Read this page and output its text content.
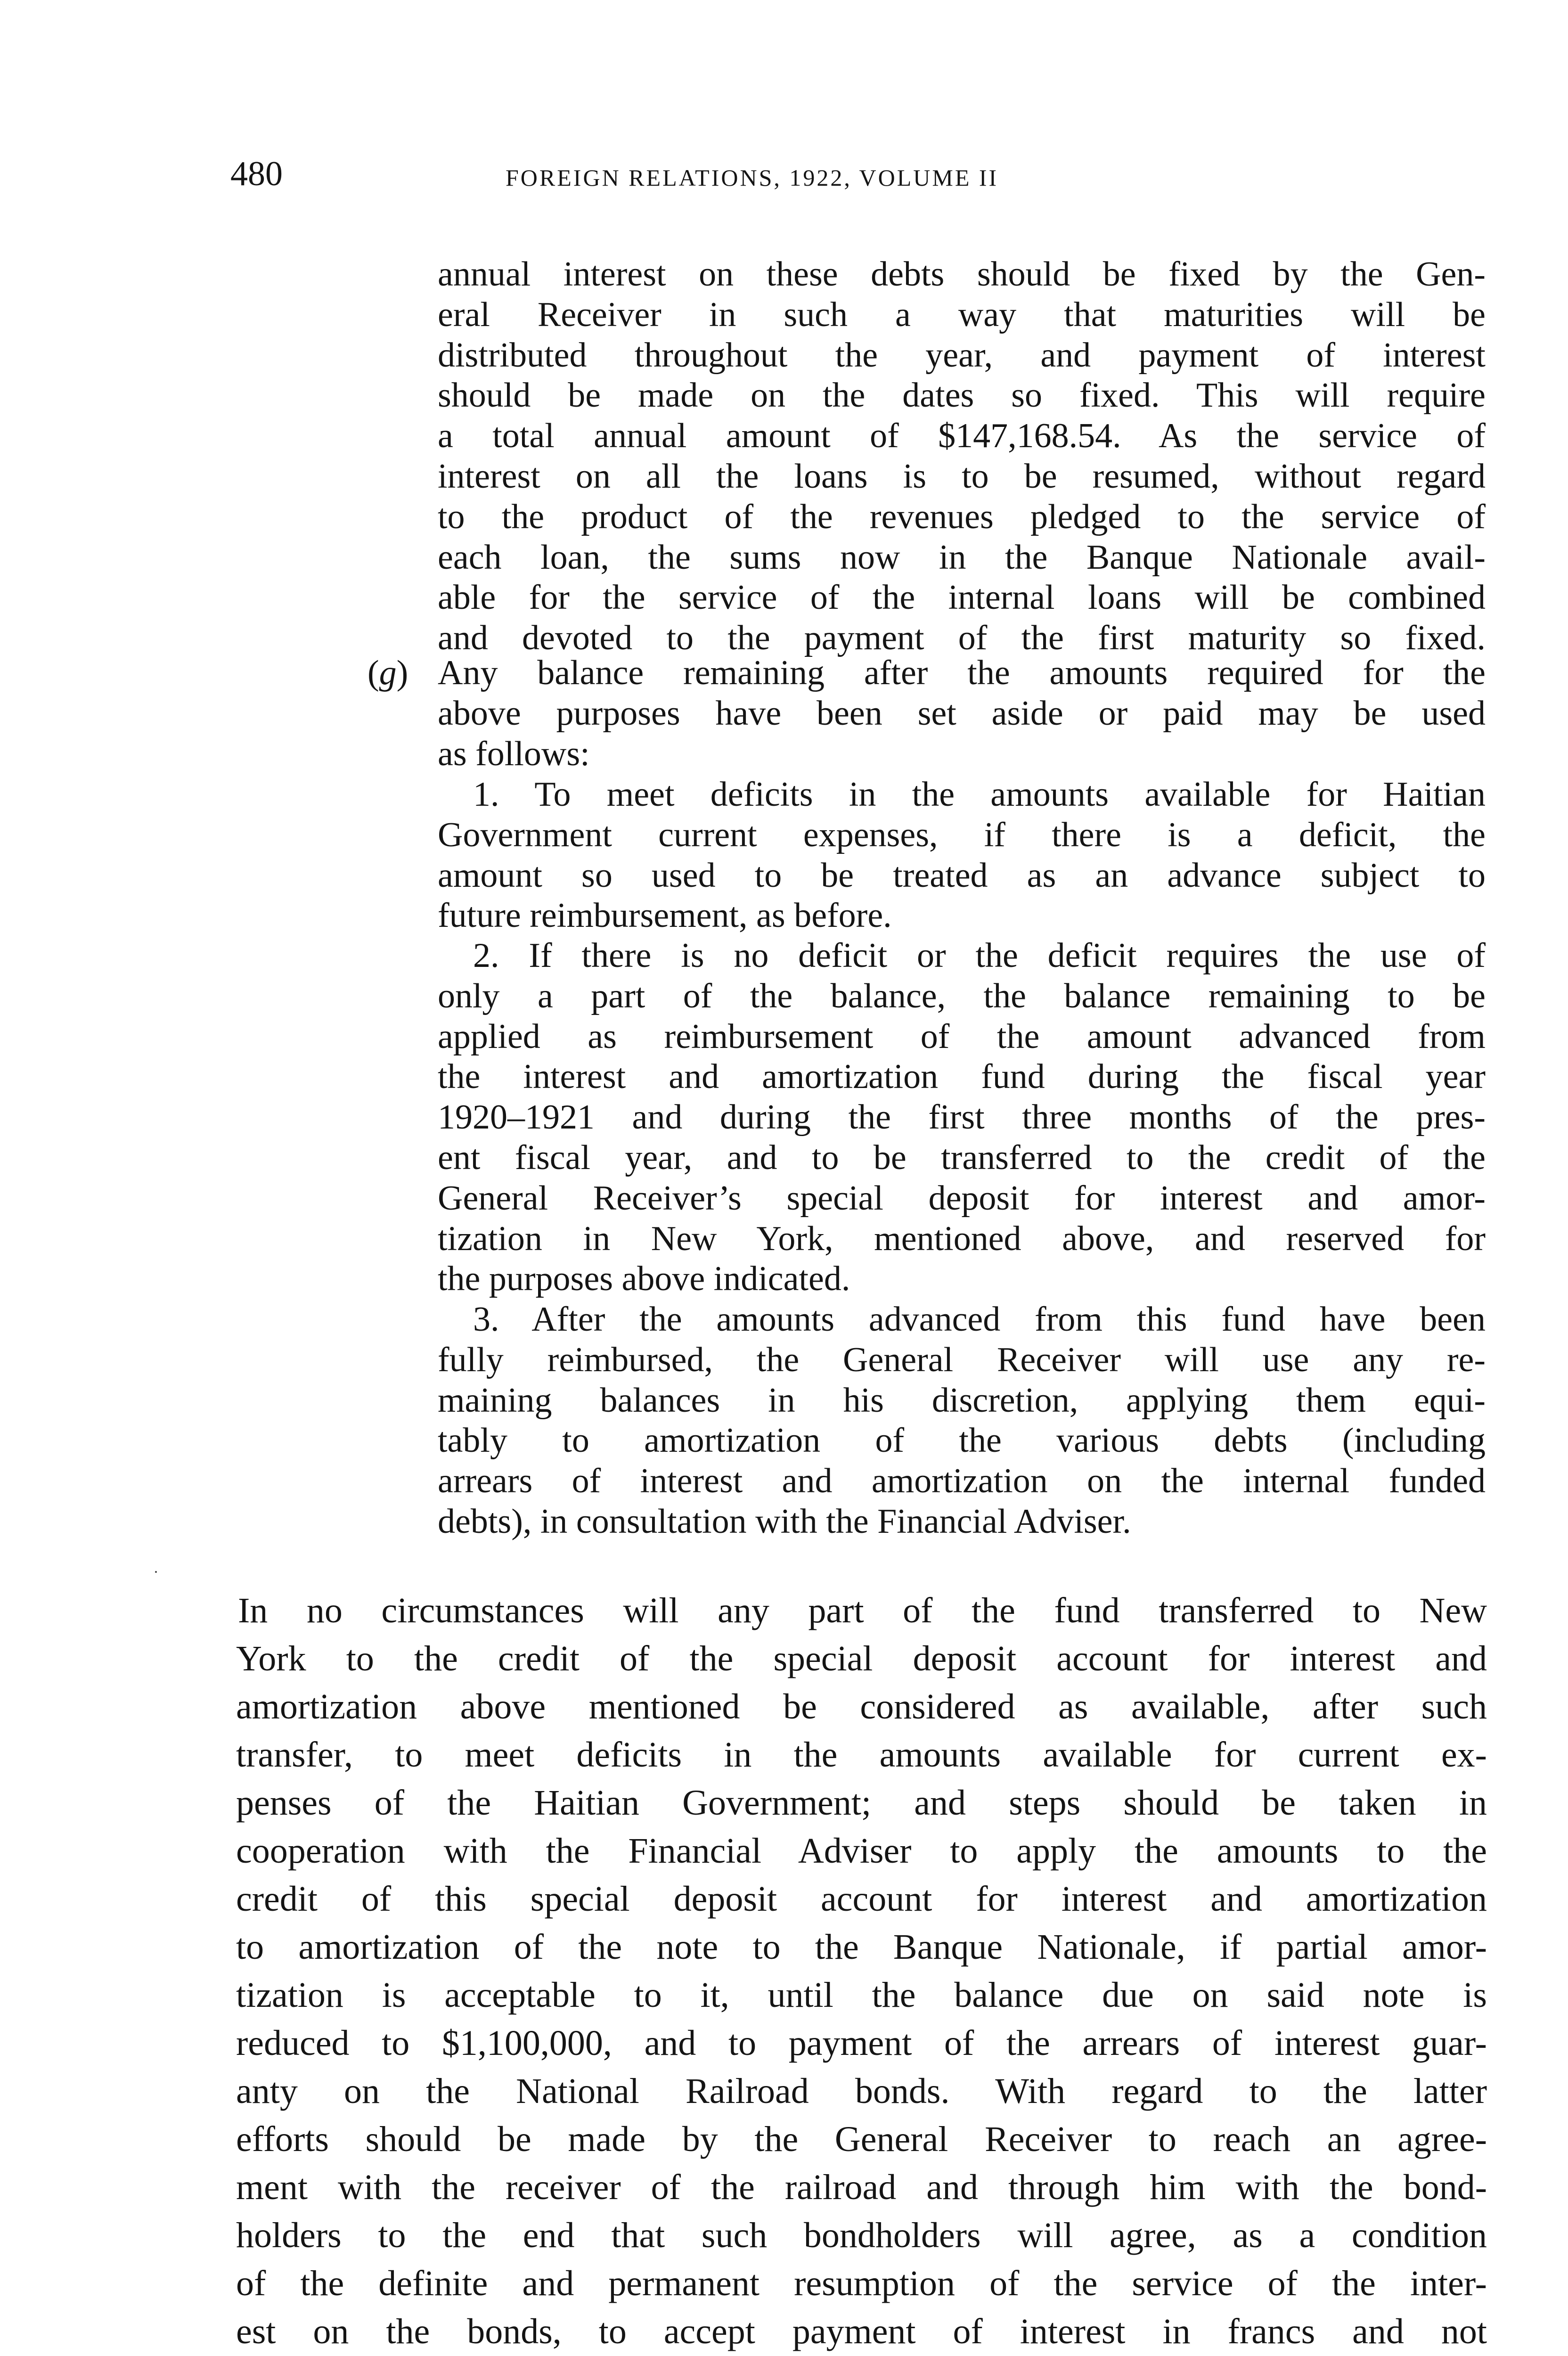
480	FOREIGN RELATIONS, 1922, VOLUME II
annual interest on these debts should be fixed by the Gen-
eral Receiver in such a way that maturities will be
distributed throughout the year, and payment of interest
should be made on the dates so fixed. This will require
a total annual amount of $147,168.54. As the service of
interest on all the loans is to be resumed, without regard
to the product of the revenues pledged to the service of
each loan, the sums now in the Banque Nationale avail-
able for the service of the internal loans will be combined
and devoted to the payment of the first maturity so fixed.
(g) Any balance remaining after the amounts required for the
above purposes have been set aside or paid may be used
as follows:
1. To meet deficits in the amounts available for Haitian
Government current expenses, if there is a deficit, the
amount so used to be treated as an advance subject to
future reimbursement, as before.
2. If there is no deficit or the deficit requires the use of
only a part of the balance, the balance remaining to be
applied as reimbursement of the amount advanced from
the interest and amortization fund during the fiscal year
1920–1921 and during the first three months of the pres-
ent fiscal year, and to be transferred to the credit of the
General Receiver’s special deposit for interest and amor-
tization in New York, mentioned above, and reserved for
the purposes above indicated.
3. After the amounts advanced from this fund have been
fully reimbursed, the General Receiver will use any re-
maining balances in his discretion, applying them equi-
tably to amortization of the various debts (including
arrears of interest and amortization on the internal funded
debts), in consultation with the Financial Adviser.
In no circumstances will any part of the fund transferred to New
York to the credit of the special deposit account for interest and
amortization above mentioned be considered as available, after such
transfer, to meet deficits in the amounts available for current ex-
penses of the Haitian Government; and steps should be taken in
cooperation with the Financial Adviser to apply the amounts to the
credit of this special deposit account for interest and amortization
to amortization of the note to the Banque Nationale, if partial amor-
tization is acceptable to it, until the balance due on said note is
reduced to $1,100,000, and to payment of the arrears of interest guar-
anty on the National Railroad bonds. With regard to the latter
efforts should be made by the General Receiver to reach an agree-
ment with the receiver of the railroad and through him with the bond-
holders to the end that such bondholders will agree, as a condition
of the definite and permanent resumption of the service of the inter-
est on the bonds, to accept payment of interest in francs and not
